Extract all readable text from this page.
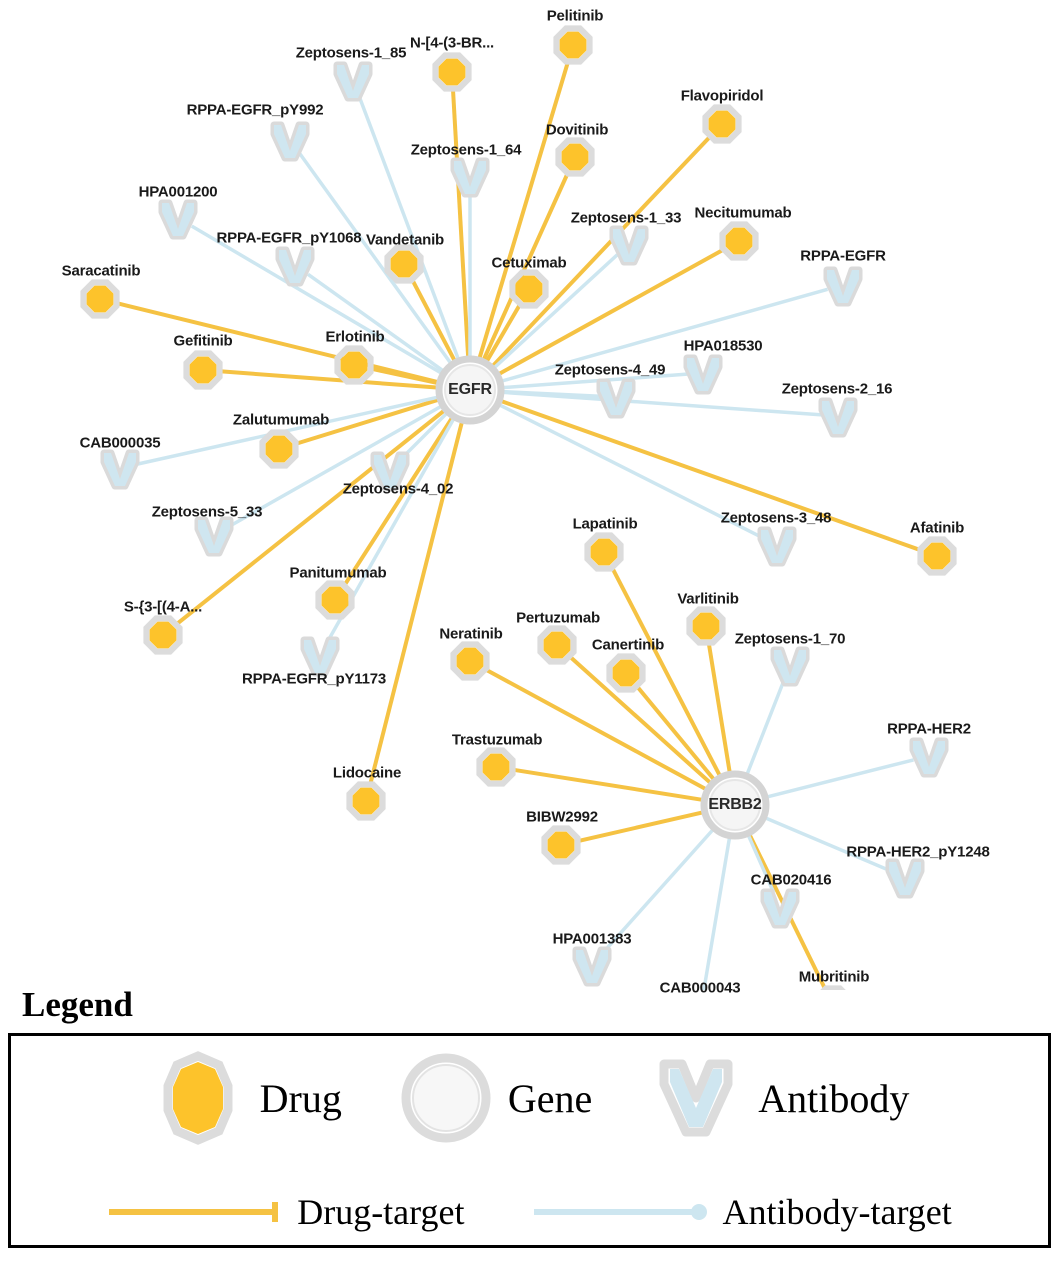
Pelitinib
N-[4-(3-BR...
Flavopiridol
Dovitinib
Necitumumab
Vandetanib
Cetuximab
Saracatinib
Erlotinib
Gefitinib
Zalutumumab
Afatinib
Lapatinib
Panitumumab
Varlitinib
S-{3-[(4-A...
Pertuzumab
Neratinib
Canertinib
Trastuzumab
Lidocaine
BIBW2992
Mubritinib
Zeptosens-1_85
RPPA-EGFR_pY992
Zeptosens-1_64
HPA001200
Zeptosens-1_33
RPPA-EGFR_pY1068
RPPA-EGFR
HPA018530
Zeptosens-4_49
Zeptosens-2_16
CAB000035
Zeptosens-4_02
Zeptosens-5_33	Zeptosens-3_48
Zeptosens-1_70
RPPA-EGFR_pY1173
RPPA-HER2
RPPA-HER2_pY1248
CAB020416
HPA001383
CAB000043
EGFR
ERBB2
Legend
Drug	Gene	Antibody
Drug-target	Antibody-target
